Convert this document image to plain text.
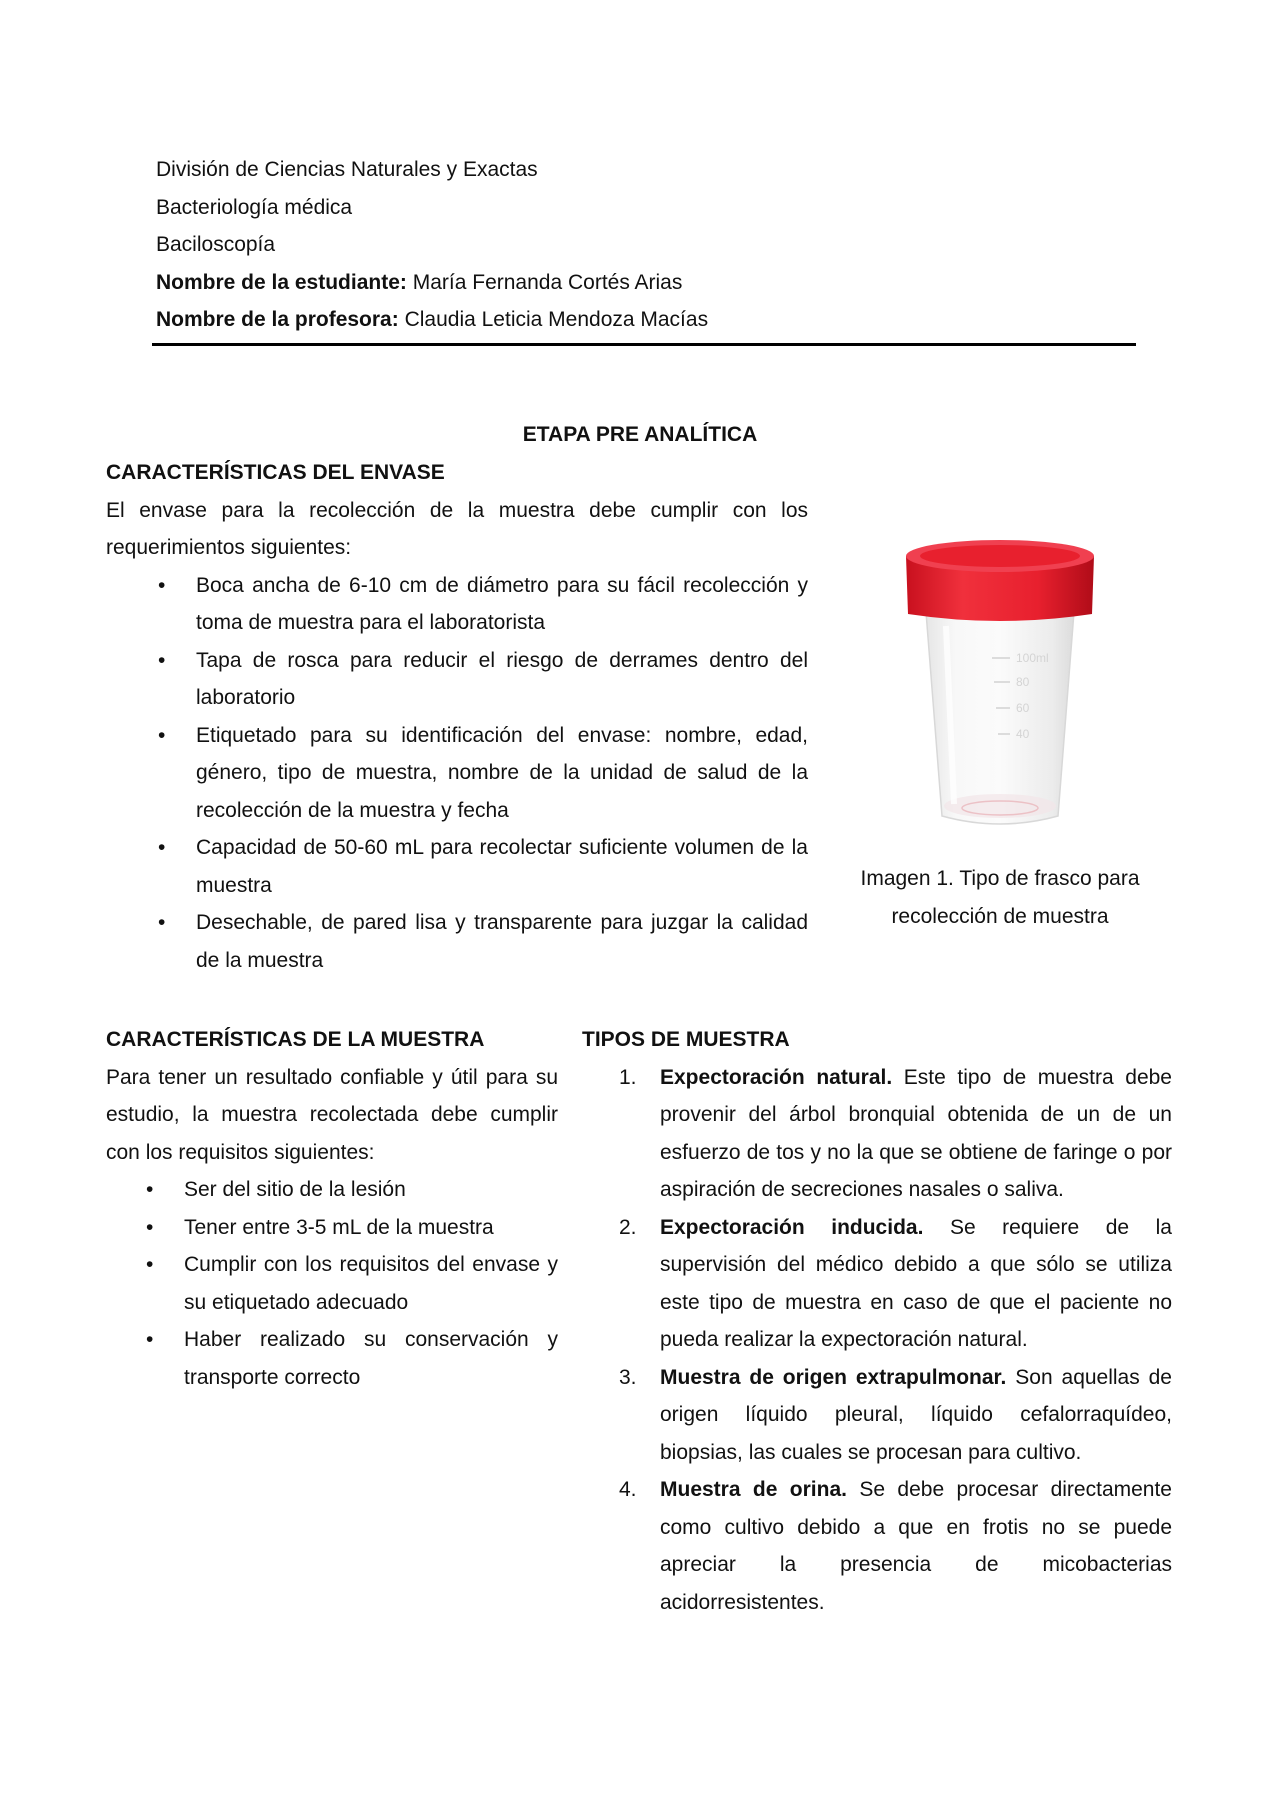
División de Ciencias Naturales y Exactas

Bacteriología médica

Baciloscopía

Nombre de la estudiante: María Fernanda Cortés Arias

Nombre de la profesora: Claudia Leticia Mendoza Macías

ETAPA PRE ANALÍTICA

CARACTERÍSTICAS DEL ENVASE

El envase para la recolección de la muestra debe cumplir con los requerimientos siguientes:

• Boca ancha de 6-10 cm de diámetro para su fácil recolección y toma de muestra para el laboratorista
• Tapa de rosca para reducir el riesgo de derrames dentro del laboratorio
• Etiquetado para su identificación del envase: nombre, edad, género, tipo de muestra, nombre de la unidad de salud de la recolección de la muestra y fecha
• Capacidad de 50-60 mL para recolectar suficiente volumen de la muestra
• Desechable, de pared lisa y transparente para juzgar la calidad de la muestra
100ml
80
60
40
Imagen 1. Tipo de frasco para
recolección de muestra
CARACTERÍSTICAS DE LA MUESTRA

Para tener un resultado confiable y útil para su estudio, la muestra recolectada debe cumplir con los requisitos siguientes:

• Ser del sitio de la lesión
• Tener entre 3-5 mL de la muestra
• Cumplir con los requisitos del envase y su etiquetado adecuado
• Haber realizado su conservación y transporte correcto
TIPOS DE MUESTRA
1. Expectoración natural. Este tipo de muestra debe provenir del árbol bronquial obtenida de un de un esfuerzo de tos y no la que se obtiene de faringe o por aspiración de secreciones nasales o saliva.
2. Expectoración inducida. Se requiere de la supervisión del médico debido a que sólo se utiliza este tipo de muestra en caso de que el paciente no pueda realizar la expectoración natural.
3. Muestra de origen extrapulmonar. Son aquellas de origen líquido pleural, líquido cefalorraquídeo, biopsias, las cuales se procesan para cultivo.
4. Muestra de orina. Se debe procesar directamente como cultivo debido a que en frotis no se puede apreciar la presencia de micobacterias acidorresistentes.
